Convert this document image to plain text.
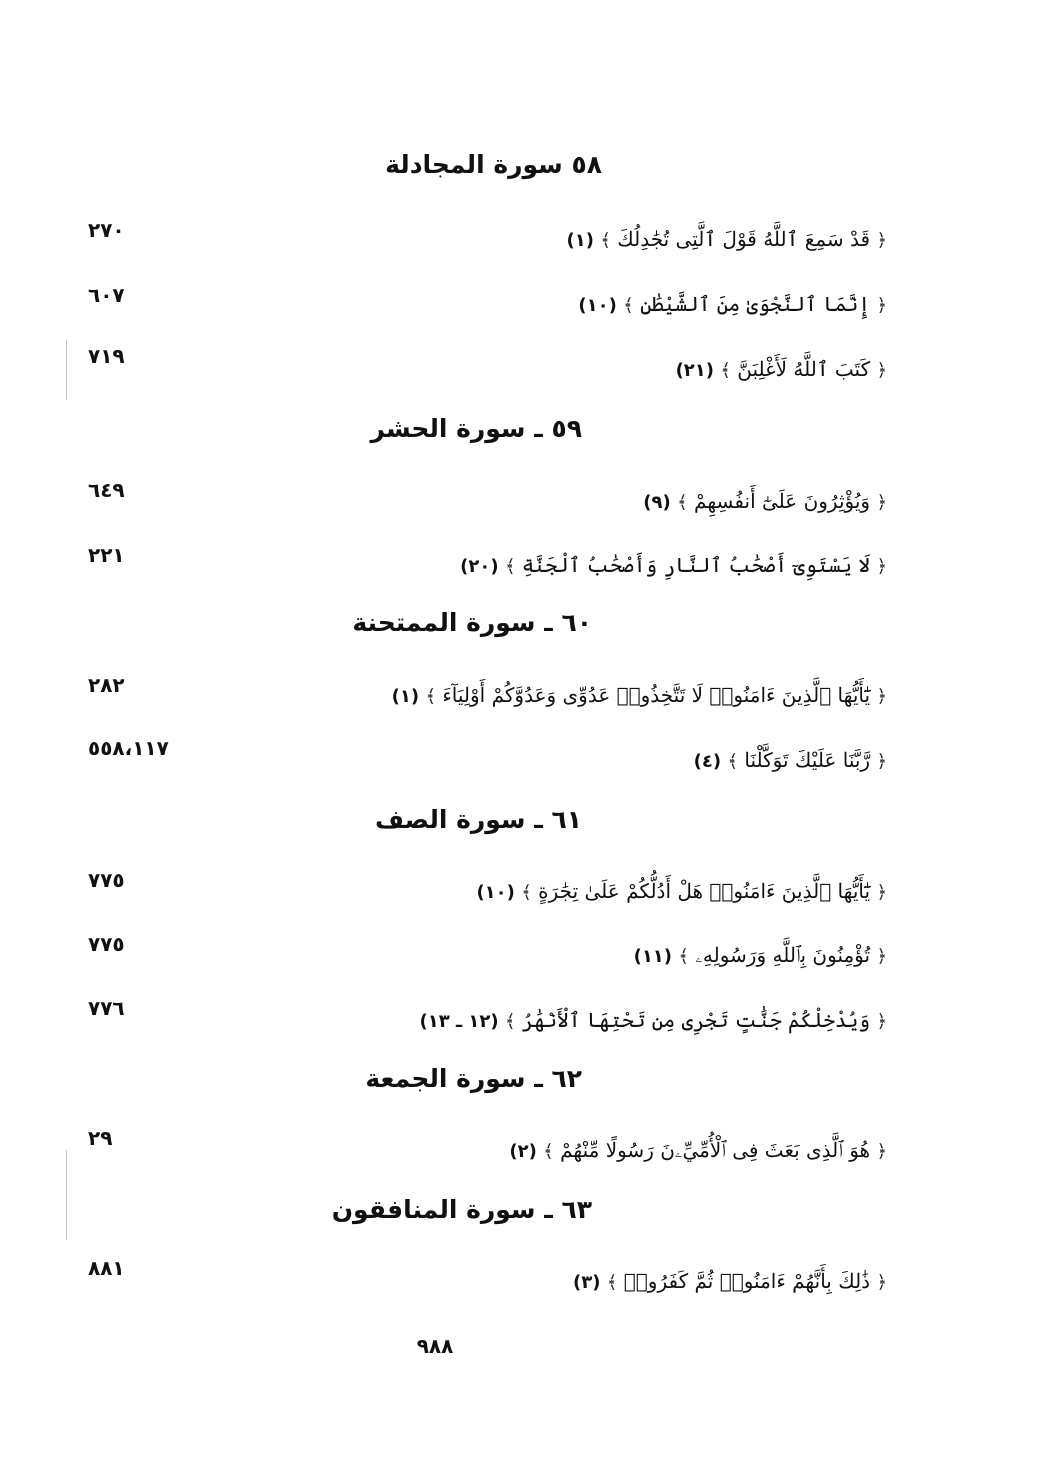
٥٨ سورة المجادلة
﴿ قَدْ سَمِعَ ٱللَّهُ قَوْلَ ٱلَّتِى تُجَٰدِلُكَ ﴾ (١)
٢٧٠
﴿ إِنَّمَا ٱلنَّجْوَىٰ مِنَ ٱلشَّيْطَٰنِ ﴾ (١٠)
٦٠٧
﴿ كَتَبَ ٱللَّهُ لَأَغْلِبَنَّ ﴾ (٢١)
٧١٩
٥٩ ـ سورة الحشر
﴿ وَيُؤْثِرُونَ عَلَىٰٓ أَنفُسِهِمْ ﴾ (٩)
٦٤٩
﴿ لَا يَسْتَوِىٓ أَصْحَٰبُ ٱلنَّارِ وَأَصْحَٰبُ ٱلْجَنَّةِ ﴾ (٢٠)
٢٢١
٦٠ ـ سورة الممتحنة
﴿ يَٰٓأَيُّهَا ٱلَّذِينَ ءَامَنُوا۟ لَا تَتَّخِذُوا۟ عَدُوِّى وَعَدُوَّكُمْ أَوْلِيَآءَ ﴾ (١)
٢٨٢
﴿ رَّبَّنَا عَلَيْكَ تَوَكَّلْنَا ﴾ (٤)
٥٥٨،١١٧
٦١ ـ سورة الصف
﴿ يَٰٓأَيُّهَا ٱلَّذِينَ ءَامَنُوا۟ هَلْ أَدُلُّكُمْ عَلَىٰ تِجَٰرَةٍ ﴾ (١٠)
٧٧٥
﴿ تُؤْمِنُونَ بِٱللَّهِ وَرَسُولِهِۦ ﴾ (١١)
٧٧٥
﴿ وَيُدْخِلْكُمْ جَنَّٰتٍ تَجْرِى مِن تَحْتِهَا ٱلْأَنْهَٰرُ ﴾ (١٢ ـ ١٣)
٧٧٦
٦٢ ـ سورة الجمعة
﴿ هُوَ ٱلَّذِى بَعَثَ فِى ٱلْأُمِّيِّۦنَ رَسُولًا مِّنْهُمْ ﴾ (٢)
٢٩
٦٣ ـ سورة المنافقون
﴿ ذَٰلِكَ بِأَنَّهُمْ ءَامَنُوا۟ ثُمَّ كَفَرُوا۟ ﴾ (٣)
٨٨١
٩٨٨
